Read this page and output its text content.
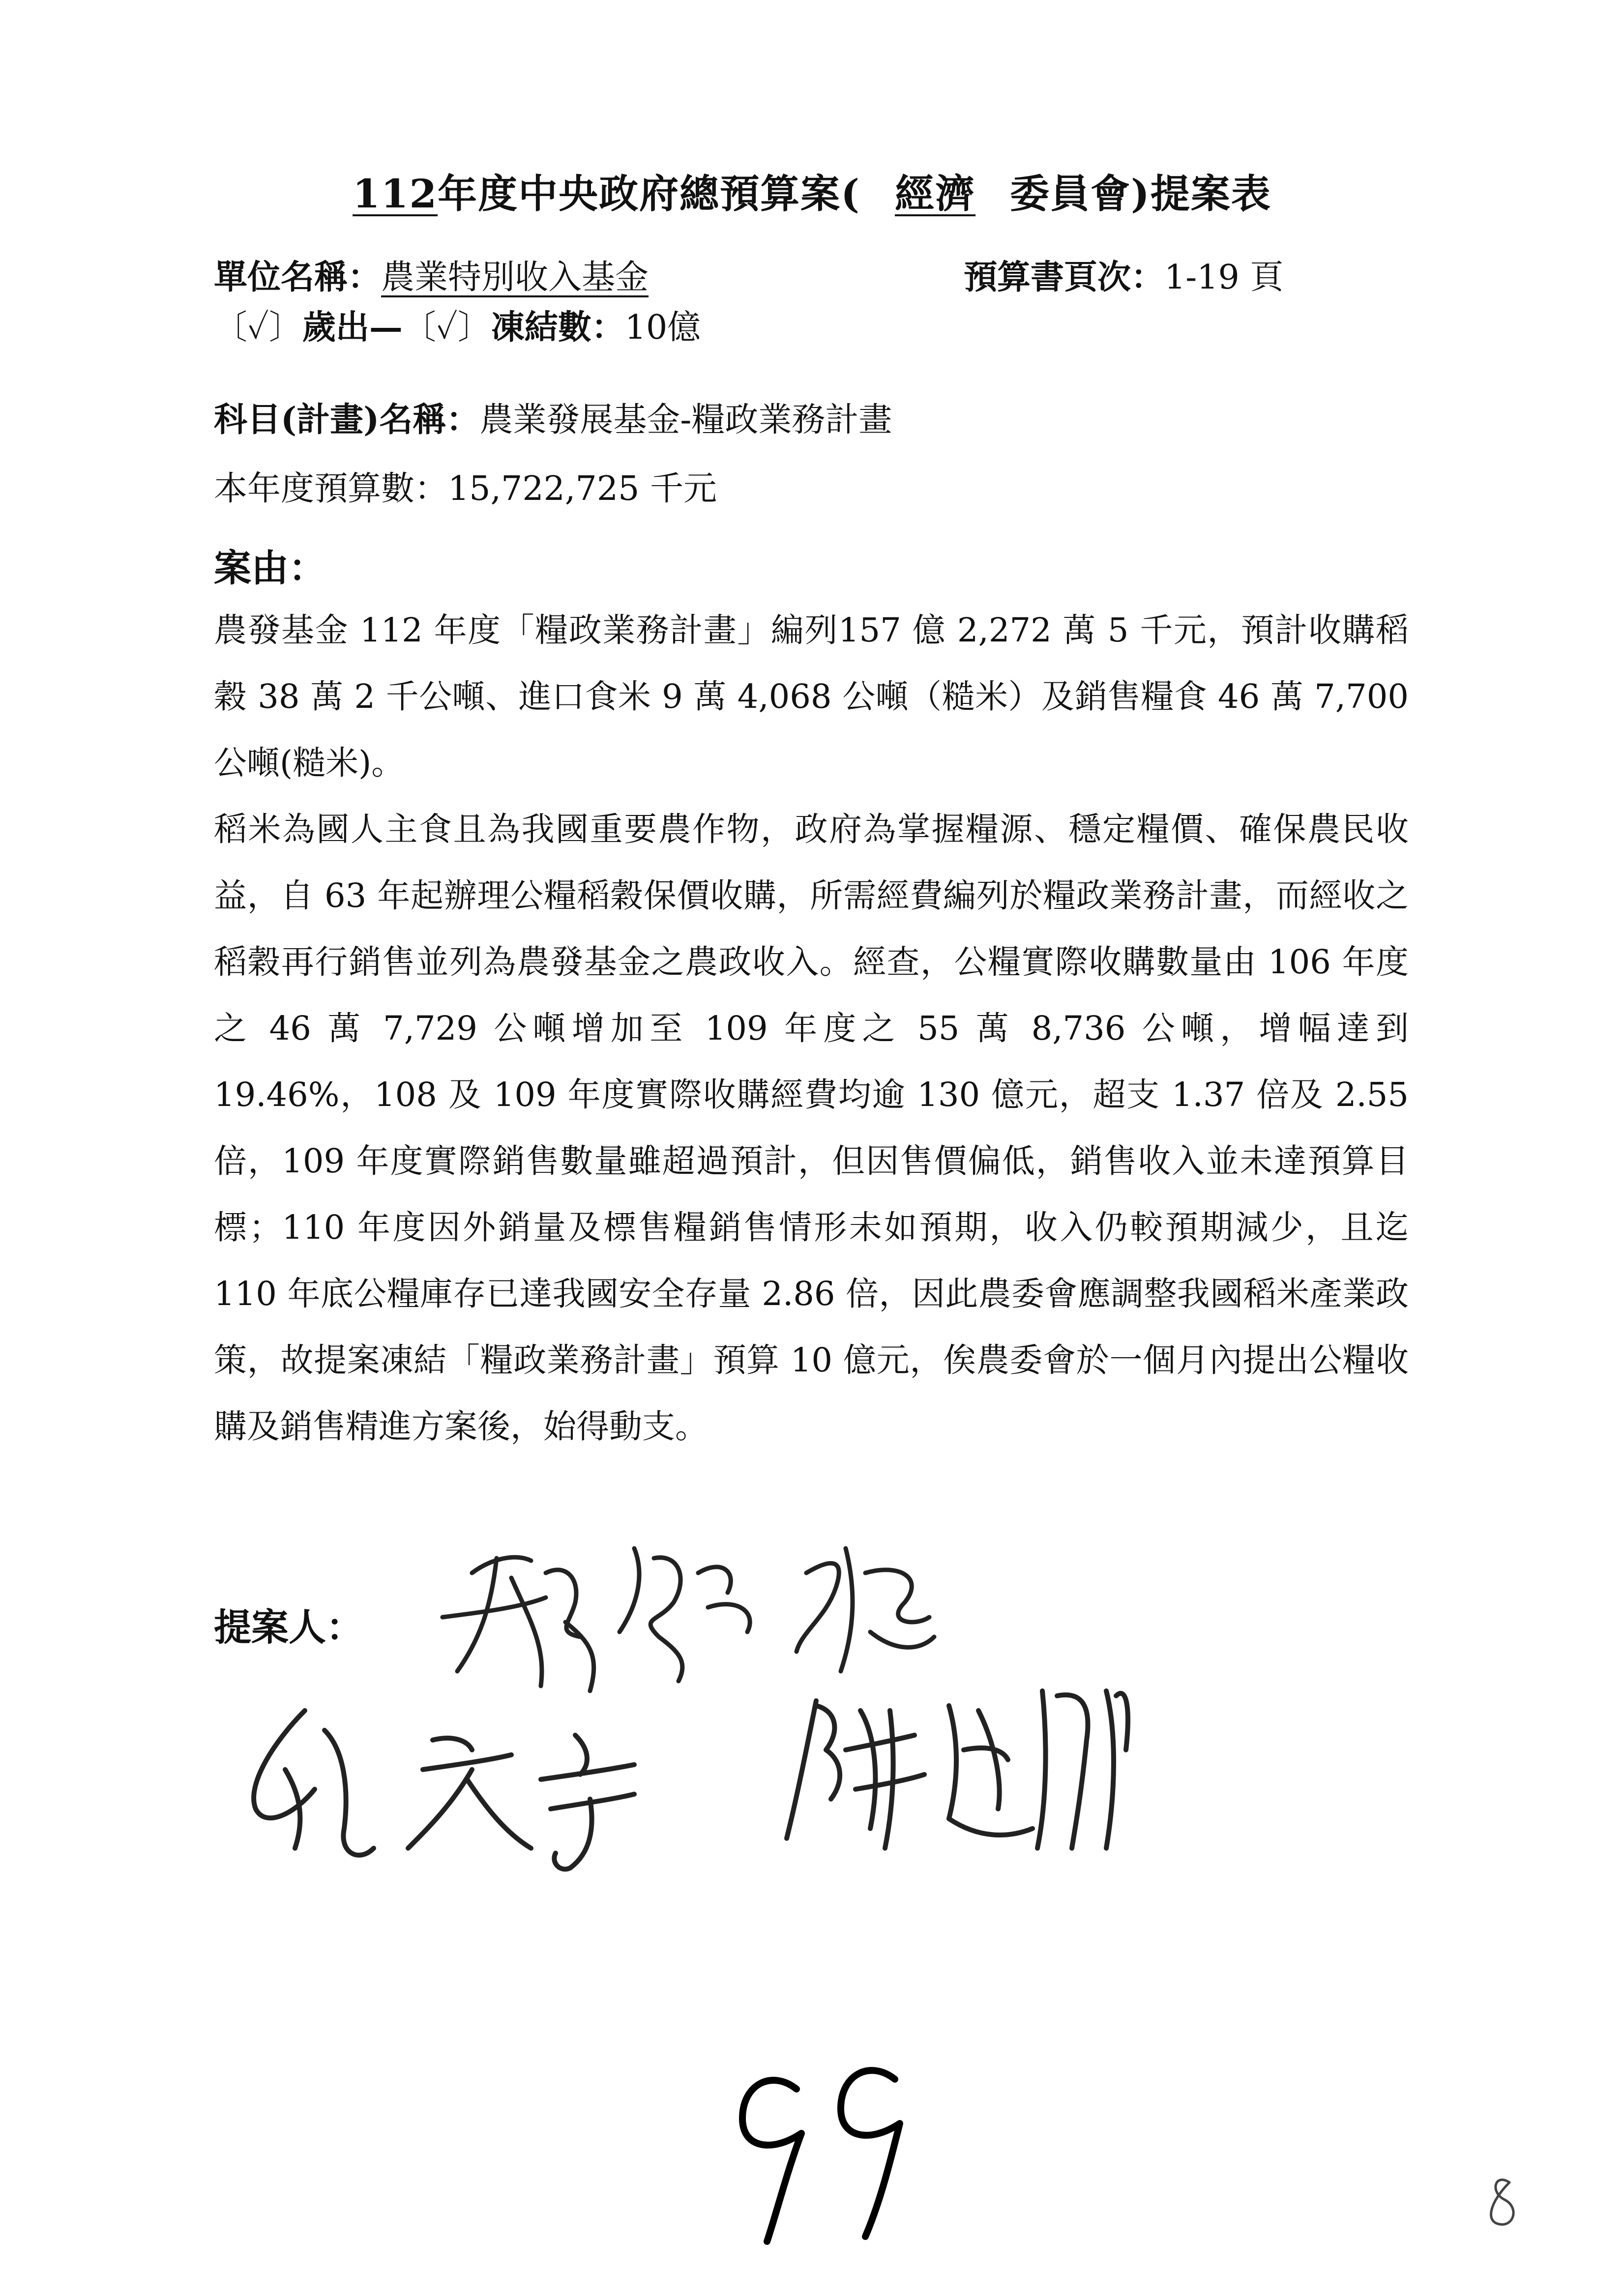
112年度中央政府總預算案( 經濟 委員會)提案表
單位名稱：農業特別收入基金	預算書頁次：1-19 頁
〔✓〕歲出—〔✓〕凍結數：10億
科目(計畫)名稱：農業發展基金-糧政業務計畫
本年度預算數：15,722,725 千元
案由：

農發基金 112 年度「糧政業務計畫」編列157 億 2,272 萬 5 千元，預計收購稻穀 38 萬 2 千公噸、進口食米 9 萬 4,068 公噸（糙米）及銷售糧食 46 萬 7,700 公噸(糙米)。

稻米為國人主食且為我國重要農作物，政府為掌握糧源、穩定糧價、確保農民收益，自 63 年起辦理公糧稻穀保價收購，所需經費編列於糧政業務計畫，而經收之稻穀再行銷售並列為農發基金之農政收入。經查，公糧實際收購數量由 106 年度之 46 萬 7,729 公噸增加至 109 年度之 55 萬 8,736 公噸，增幅達到 19.46%，108 及 109 年度實際收購經費均逾 130 億元，超支 1.37 倍及 2.55 倍，109 年度實際銷售數量雖超過預計，但因售價偏低，銷售收入並未達預算目標；110 年度因外銷量及標售糧銷售情形未如預期，收入仍較預期減少，且迄 110 年底公糧庫存已達我國安全存量 2.86 倍，因此農委會應調整我國稻米產業政策，故提案凍結「糧政業務計畫」預算 10 億元，俟農委會於一個月內提出公糧收購及銷售精進方案後，始得動支。

提案人：
